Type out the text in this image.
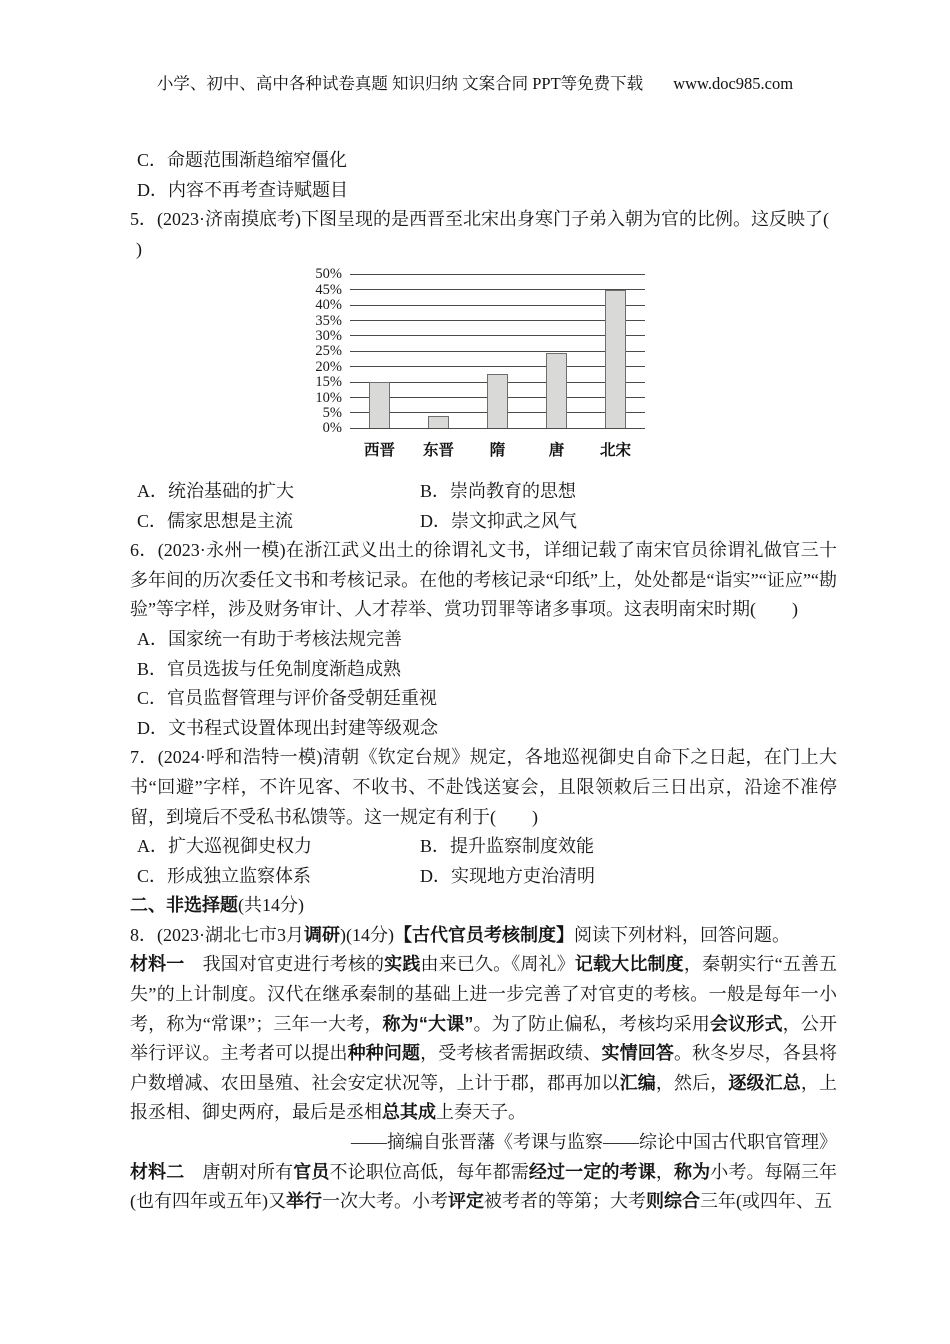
小学、初中、高中各种试卷真题 知识归纳 文案合同 PPT等免费下载 www.doc985.com
C．命题范围渐趋缩窄僵化
D．内容不再考查诗赋题目

5．(2023·济南摸底考)下图呈现的是西晋至北宋出身寒门子弟入朝为官的比例。这反映了(

)

0%
5%
10%
15%
20%
25%
30%
35%
40%
45%
50%
西晋	东晋	隋	唐	北宋
A．统治基础的扩大	B．崇尚教育的思想
C．儒家思想是主流	D．崇文抑武之风气

6．(2023·永州一模)在浙江武义出土的徐谓礼文书，详细记载了南宋官员徐谓礼做官三十多年间的历次委任文书和考核记录。在他的考核记录“印纸”上，处处都是“诣实”“证应”“勘验”等字样，涉及财务审计、人才荐举、赏功罚罪等诸多事项。这表明南宋时期(　　)

A．国家统一有助于考核法规完善
B．官员选拔与任免制度渐趋成熟
C．官员监督管理与评价备受朝廷重视
D．文书程式设置体现出封建等级观念

7．(2024·呼和浩特一模)清朝《钦定台规》规定，各地巡视御史自命下之日起，在门上大书“回避”字样，不许见客、不收书、不赴饯送宴会，且限领敕后三日出京，沿途不准停留，到境后不受私书私馈等。这一规定有利于(　　)

A．扩大巡视御史权力	B．提升监察制度效能
C．形成独立监察体系	D．实现地方吏治清明

二、非选择题(共14分)

8．(2023·湖北七市3月调研)(14分)【古代官员考核制度】阅读下列材料，回答问题。

材料一　我国对官吏进行考核的实践由来已久。《周礼》记载大比制度，秦朝实行“五善五失”的上计制度。汉代在继承秦制的基础上进一步完善了对官吏的考核。一般是每年一小考，称为“常课”；三年一大考，称为“大课”。为了防止偏私，考核均采用会议形式，公开举行评议。主考者可以提出种种问题，受考核者需据政绩、实情回答。秋冬岁尽，各县将户数增减、农田垦殖、社会安定状况等，上计于郡，郡再加以汇编，然后，逐级汇总，上报丞相、御史两府，最后是丞相总其成上奏天子。

——摘编自张晋藩《考课与监察——综论中国古代职官管理》

材料二　唐朝对所有官员不论职位高低，每年都需经过一定的考课，称为小考。每隔三年(也有四年或五年)又举行一次大考。小考评定被考者的等第；大考则综合三年(或四年、五
